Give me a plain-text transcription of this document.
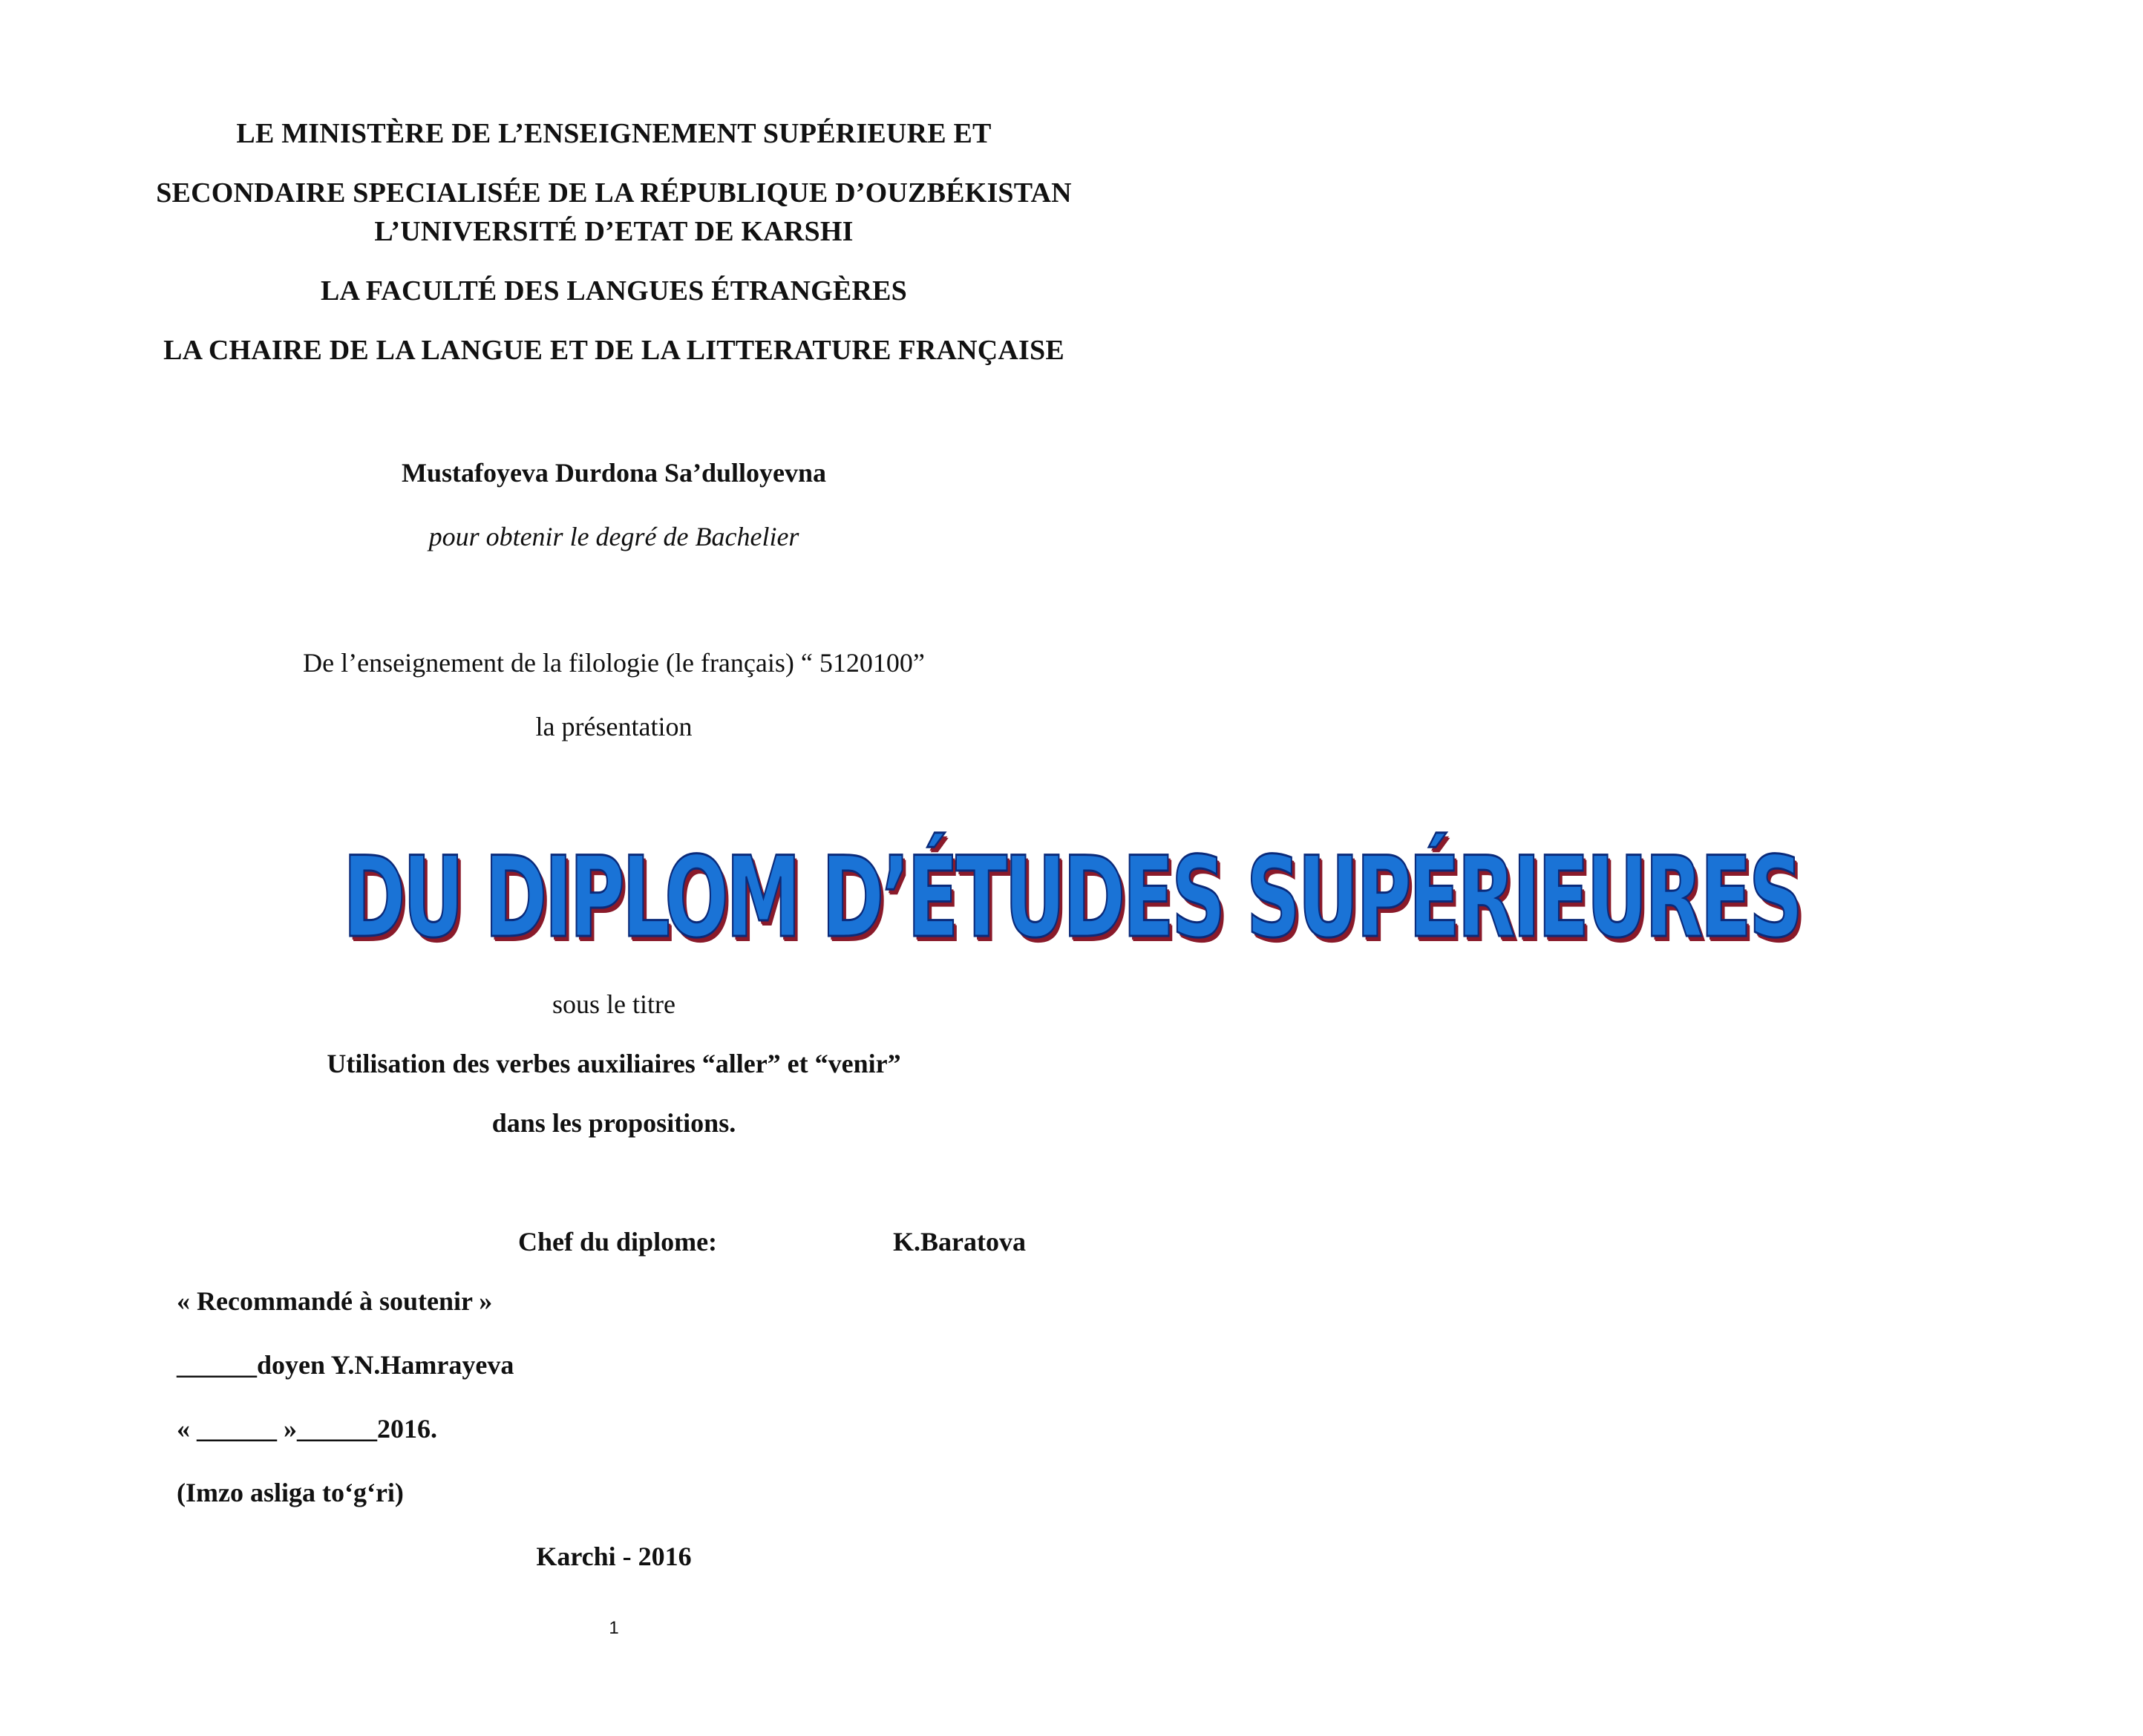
LE MINISTÈRE DE L’ENSEIGNEMENT SUPÉRIEURE ET
SECONDAIRE SPECIALISÉE DE LA RÉPUBLIQUE D’OUZBÉKISTAN
L’UNIVERSITÉ D’ETAT DE KARSHI
LA FACULTÉ DES LANGUES ÉTRANGÈRES
LA CHAIRE DE LA LANGUE ET DE LA LITTERATURE FRANÇAISE
Mustafoyeva Durdona Sa’dulloyevna
pour obtenir le degré de Bachelier
De l’enseignement de la filologie (le français) “ 5120100”
la présentation
DU DIPLOM D’ÉTUDES SUPÉRIEURES
sous le titre
Utilisation des verbes auxiliaires “aller” et “venir”
dans les propositions.
Chef du diplome:	K.Baratova
« Recommandé à soutenir »
______doyen Y.N.Hamrayeva
« ______ »______2016.
(Imzo asliga to‘g‘ri)
Karchi - 2016
1
